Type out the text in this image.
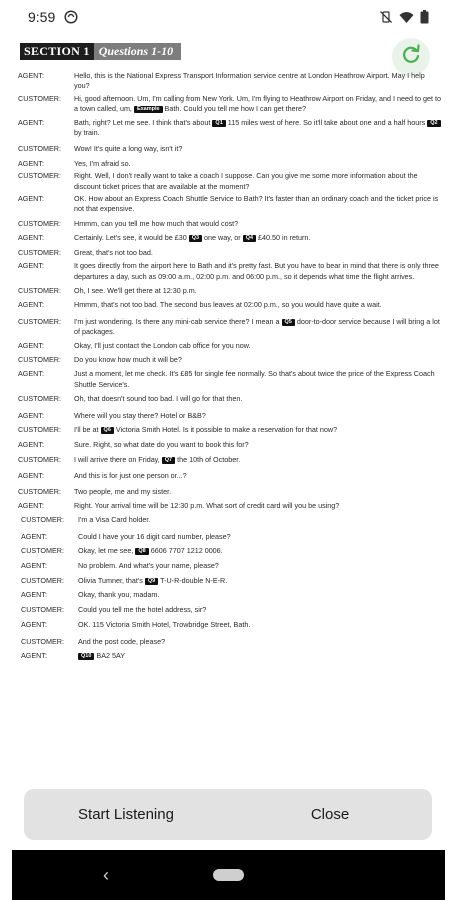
9:59
SECTION 1 Questions 1-10
AGENT:	Hello, this is the National Express Transport Information service centre at London Heathrow Airport. May I help you?
CUSTOMER:	Hi, good afternoon. Um, I'm calling from New York. Um, I'm flying to Heathrow Airport on Friday, and I need to get to a town called, um, Example Bath. Could you tell me how I can get there?
AGENT:	Bath, right? Let me see. I think that's about Q1 115 miles west of here. So it'll take about one and a half hours Q2 by train.
CUSTOMER:	Wow! It's quite a long way, isn't it?
AGENT:	Yes, I'm afraid so.
CUSTOMER:	Right. Well, I don't really want to take a coach I suppose. Can you give me some more information about the discount ticket prices that are available at the moment?
AGENT:	OK. How about an Express Coach Shuttle Service to Bath? It's faster than an ordinary coach and the ticket price is not that expensive.
CUSTOMER:	Hmmm, can you tell me how much that would cost?
AGENT:	Certainly. Let's see, it would be £30 Q3 one way, or Q4 £40.50 in return.
CUSTOMER:	Great, that's not too bad.
AGENT:	It goes directly from the airport here to Bath and it's pretty fast. But you have to bear in mind that there is only three departures a day, such as 09:00 a.m., 02:00 p.m. and 06:00 p.m., so it depends what time the flight arrives.
CUSTOMER:	Oh, I see. We'll get there at 12:30 p.m.
AGENT:	Hmmm, that's not too bad. The second bus leaves at 02:00 p.m., so you would have quite a wait.
CUSTOMER:	I'm just wondering. Is there any mini-cab service there? I mean a Q5 door-to-door service because I will bring a lot of packages.
AGENT:	Okay, I'll just contact the London cab office for you now.
CUSTOMER:	Do you know how much it will be?
AGENT:	Just a moment, let me check. It's £85 for single fee normally. So that's about twice the price of the Express Coach Shuttle Service's.
CUSTOMER:	Oh, that doesn't sound too bad. I will go for that then.
AGENT:	Where will you stay there? Hotel or B&B?
CUSTOMER:	I'll be at Q6 Victoria Smith Hotel. Is it possible to make a reservation for that now?
AGENT:	Sure. Right, so what date do you want to book this for?
CUSTOMER:	I will arrive there on Friday, Q7 the 10th of October.
AGENT:	And this is for just one person or...?
CUSTOMER:	Two people, me and my sister.
AGENT:	Right. Your arrival time will be 12:30 p.m. What sort of credit card will you be using?
CUSTOMER:	I'm a Visa Card holder.
AGENT:	Could I have your 16 digit card number, please?
CUSTOMER:	Okay, let me see, Q8 6606 7707 1212 0006.
AGENT:	No problem. And what's your name, please?
CUSTOMER:	Olivia Tumner, that's Q9 T-U-R-double N-E-R.
AGENT:	Okay, thank you, madam.
CUSTOMER:	Could you tell me the hotel address, sir?
AGENT:	OK. 115 Victoria Smith Hotel, Trowbridge Street, Bath.
CUSTOMER:	And the post code, please?
AGENT:	Q10 BA2 5AY
Start Listening	Close
‹
